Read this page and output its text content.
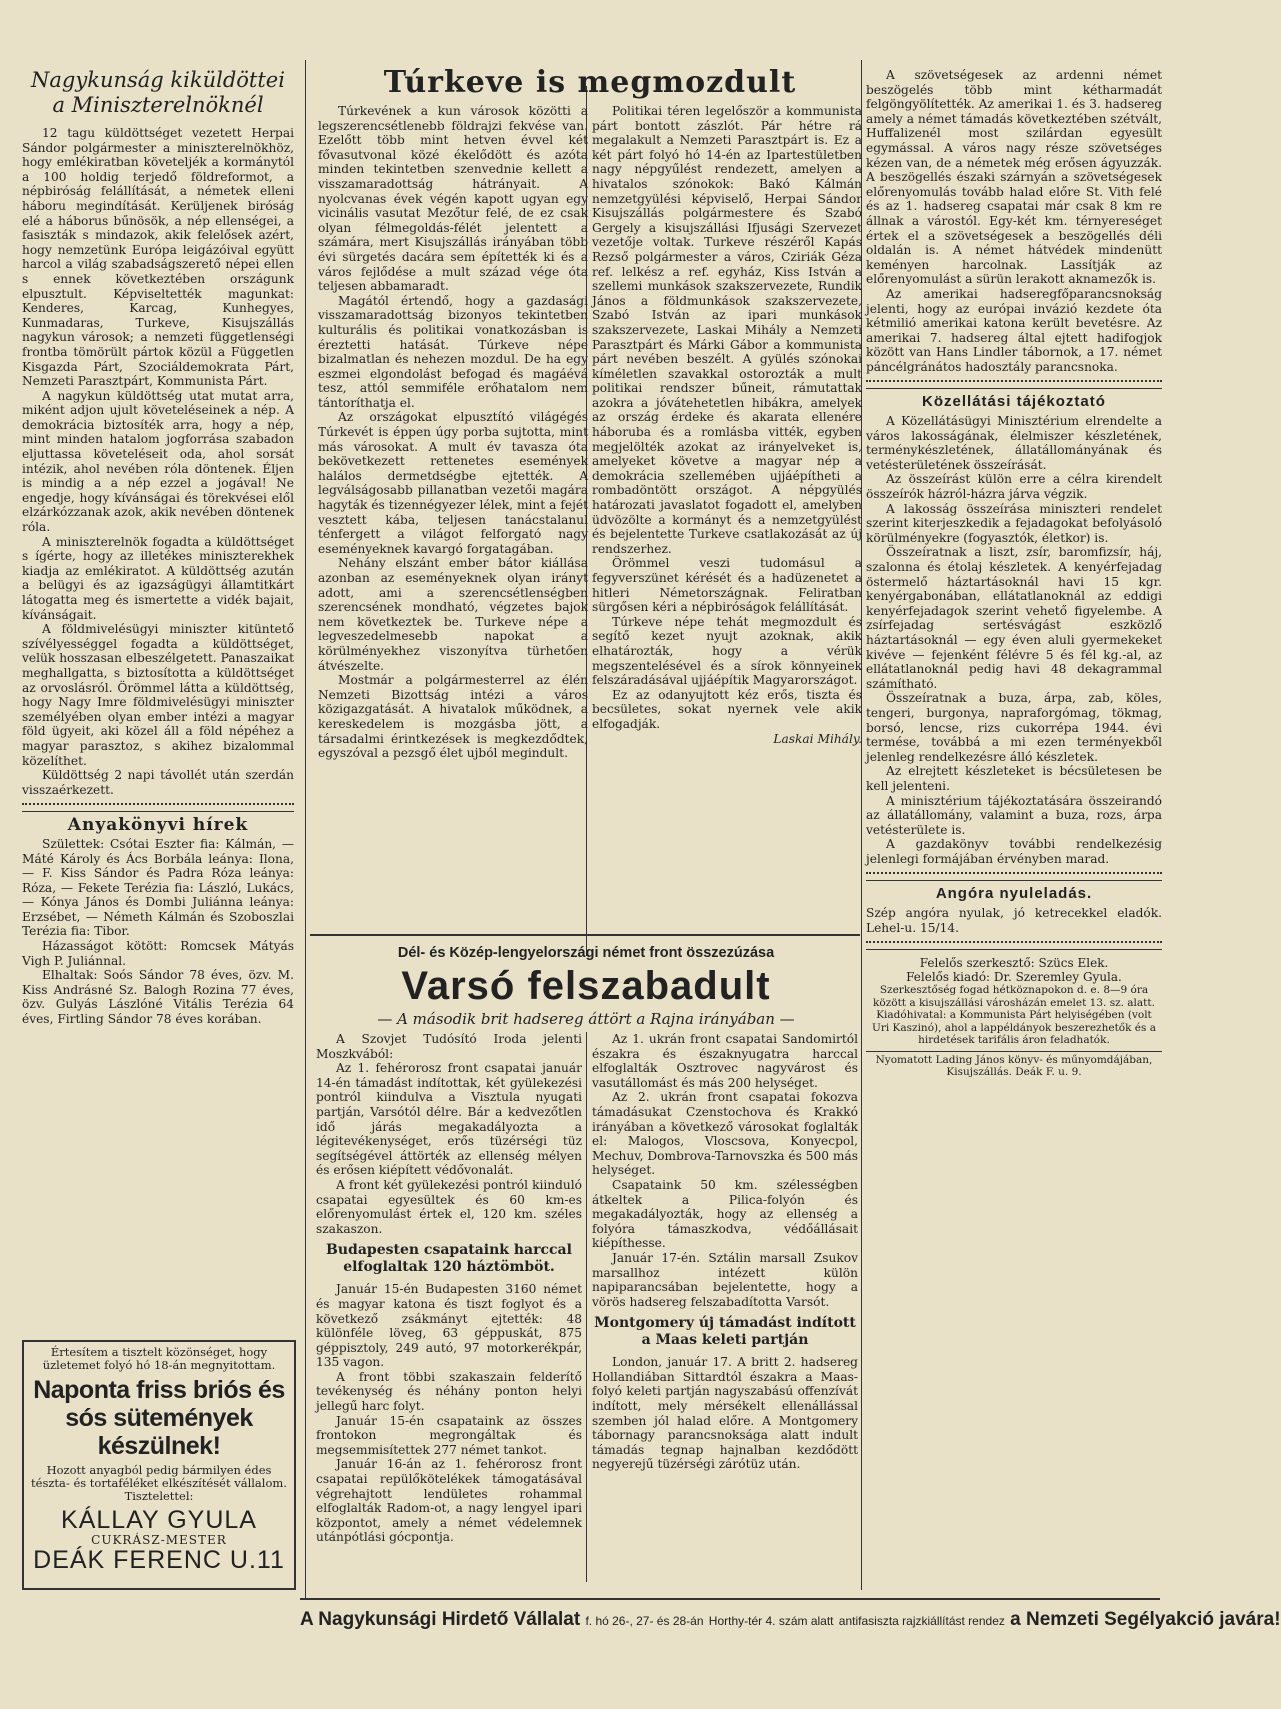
Nagykunság kiküldöttei a Miniszterelnöknél

12 tagu küldöttséget vezetett Herpai Sándor polgármester a miniszterelnökhöz, hogy emlékiratban követeljék a kormánytól a 100 holdig terjedő földreformot, a népbiróság felállítását, a németek elleni háboru megindítását. Kerüljenek biróság elé a háborus bűnösök, a nép ellenségei, a fasiszták s mindazok, akik felelősek azért, hogy nemzetünk Európa leigázóival együtt harcol a világ szabadságszerető népei ellen s ennek következtében országunk elpusztult. Képviseltették magunkat: Kenderes, Karcag, Kunhegyes, Kunmadaras, Turkeve, Kisujszállás nagykun városok; a nemzeti függetlenségi frontba tömörült pártok közül a Független Kisgazda Párt, Szociáldemokrata Párt, Nemzeti Parasztpárt, Kommunista Párt.

A nagykun küldöttség utat mutat arra, miként adjon ujult követeléseinek a nép. A demokrácia biztosíték arra, hogy a nép, mint minden hatalom jogforrása szabadon eljuttassa követeléseit oda, ahol sorsát intézik, ahol nevében róla döntenek. Éljen is mindig a a nép ezzel a jogával! Ne engedje, hogy kívánságai és törekvései elől elzárkózzanak azok, akik nevében döntenek róla.

A miniszterelnök fogadta a küldöttséget s ígérte, hogy az illetékes miniszterekhek kiadja az emlékiratot. A küldöttség azután a belügyi és az igazságügyi államtitkárt látogatta meg és ismertette a vidék bajait, kívánságait.

A földmivelésügyi miniszter kitüntető szívélyességgel fogadta a küldöttséget, velük hosszasan elbeszélgetett. Panaszaikat meghallgatta, s biztosította a küldöttséget az orvoslásról. Örömmel látta a küldöttség, hogy Nagy Imre földmivelésügyi miniszter személyében olyan ember intézi a magyar föld ügyeit, aki közel áll a föld népéhez a magyar parasztoz, s akihez bizalommal közelíthet.

Küldöttség 2 napi távollét után szerdán visszaérkezett.

Anyakönyvi hírek

Születtek: Csótai Eszter fia: Kálmán, — Máté Károly és Ács Borbála leánya: Ilona, — F. Kiss Sándor és Padra Róza leánya: Róza, — Fekete Terézia fia: László, Lukács, — Kónya János és Dombi Juliánna leánya: Erzsébet, — Németh Kálmán és Szoboszlai Terézia fia: Tibor.

Házasságot kötött: Romcsek Mátyás Vigh P. Juliánnal.

Elhaltak: Soós Sándor 78 éves, özv. M. Kiss Andrásné Sz. Balogh Rozina 77 éves, özv. Gulyás Lászlóné Vitális Terézia 64 éves, Firtling Sándor 78 éves korában.

Értesítem a tisztelt közönséget, hogy üzletemet folyó hó 18-án megnyitottam.
Naponta friss briós és sós sütemények készülnek!
Hozott anyagból pedig bármilyen édes tészta- és tortaféléket elkészítését vállalom.
Tisztelettel:
KÁLLAY GYULA
CUKRÁSZ-MESTER
DEÁK FERENC U.11
Túrkeve is megmozdult

Túrkevének a kun városok közötti a legszerencsétlenebb földrajzi fekvése van. Ezelőtt több mint hetven évvel két fővasutvonal közé ékelődött és azóta minden tekintetben szenvednie kellett a visszamaradottság hátrányait. A nyolcvanas évek végén kapott ugyan egy vicinális vasutat Mezőtur felé, de ez csak olyan félmegoldás-félét jelentett a számára, mert Kisujszállás irányában több évi sürgetés dacára sem építették ki és a város fejlődése a mult század vége óta teljesen abbamaradt.

Magától értendő, hogy a gazdasági visszamaradottság bizonyos tekintetben kulturális és politikai vonatkozásban is éreztetti hatását. Túrkeve népe bizalmatlan és nehezen mozdul. De ha egy eszmei elgondolást befogad és magáévá tesz, attól semmiféle erőhatalom nem tántoríthatja el.

Az országokat elpusztító világégés Túrkevét is éppen úgy porba sujtotta, mint más városokat. A mult év tavasza óta bekövetkezett rettenetes események halálos dermetdségbe ejtették. A legválságosabb pillanatban vezetői magára hagyták és tizennégyezer lélek, mint a fejét vesztett kába, teljesen tanácstalanul ténfergett a világot felforgató nagy eseményeknek kavargó forgatagában.

Nehány elszánt ember bátor kiállása azonban az eseményeknek olyan irányt adott, ami a szerencsétlenségben szerencsének mondható, végzetes bajok nem következtek be. Turkeve népe a legveszedelmesebb napokat a körülményekhez viszonyítva türhetően átvészelte.

Mostmár a polgármesterrel az élén Nemzeti Bizottság intézi a város közigazgatását. A hivatalok működnek, a kereskedelem is mozgásba jött, a társadalmi érintkezések is megkezdődtek, egyszóval a pezsgő élet ujból megindult.

Politikai téren legelőször a kommunista párt bontott zászlót. Pár hétre rá megalakult a Nemzeti Parasztpárt is. Ez a két párt folyó hó 14-én az Ipartestületben nagy népgyűlést rendezett, amelyen a hivatalos szónokok: Bakó Kálmán nemzetgyülési képviselő, Herpai Sándor Kisujszállás polgármestere és Szabó Gergely a kisujszállási Ifjusági Szervezet vezetője voltak. Turkeve részéről Kapás Rezső polgármester a város, Cziriák Géza ref. lelkész a ref. egyház, Kiss István a szellemi munkások szakszervezete, Rundik János a földmunkások szakszervezete, Szabó István az ipari munkások szakszervezete, Laskai Mihály a Nemzeti Parasztpárt és Márki Gábor a kommunista párt nevében beszélt. A gyülés szónokai kíméletlen szavakkal ostorozták a mult politikai rendszer bűneit, rámutattak azokra a jóvátehetetlen hibákra, amelyek az ország érdeke és akarata ellenére háboruba és a romlásba vitték, egyben megjelölték azokat az irányelveket is, amelyeket követve a magyar nép a demokrácia szellemében ujjáépítheti a rombadöntött országot. A népgyülés határozati javaslatot fogadott el, amelyben üdvözölte a kormányt és a nemzetgyülést és bejelentette Turkeve csatlakozását az új rendszerhez.

Örömmel veszi tudomásul a fegyverszünet kérését és a hadüzenetet a hitleri Németországnak. Feliratban sürgősen kéri a népbiróságok felállítását.

Túrkeve népe tehát megmozdult és segítő kezet nyujt azoknak, akik elhatározták, hogy a vérük megszentelésével és a sírok könnyeinek felszáradásával ujjáépítik Magyarországot.

Ez az odanyujtott kéz erős, tiszta és becsületes, sokat nyernek vele akik elfogadják.

Laskai Mihály.
Dél- és Közép-lengyelországi német front összezúzása
Varsó felszabadult
— A második brit hadsereg áttört a Rajna irányában —

A Szovjet Tudósító Iroda jelenti Moszkvából:

Az 1. fehérorosz front csapatai január 14-én támadást indítottak, két gyülekezési pontról kiindulva a Visztula nyugati partján, Varsótól délre. Bár a kedvezőtlen idő járás megakadályozta a légitevékenységet, erős tüzérségi tüz segítségével áttörték az ellenség mélyen és erősen kiépített védővonalát.

A front két gyülekezési pontról kiinduló csapatai egyesültek és 60 km-es előrenyomulást értek el, 120 km. széles szakaszon.

Budapesten csapataink harccal elfoglaltak 120 háztömböt.

Január 15-én Budapesten 3160 német és magyar katona és tiszt foglyot és a következő zsákmányt ejtették: 48 különféle löveg, 63 géppuskát, 875 géppisztoly, 249 autó, 97 motorkerékpár, 135 vagon.

A front többi szakaszain felderítő tevékenység és néhány ponton helyi jellegű harc folyt.

Január 15-én csapataink az összes frontokon megrongáltak és megsemmisítettek 277 német tankot.

Január 16-án az 1. fehérorosz front csapatai repülőkötelékek támogatásával végrehajtott lendületes rohammal elfoglalták Radom-ot, a nagy lengyel ipari központot, amely a német védelemnek utánpótlási gócpontja.

Az 1. ukrán front csapatai Sandomirtól északra és északnyugatra harccal elfoglalták Osztrovec nagyvárost és vasutállomást és más 200 helységet.

Az 2. ukrán front csapatai fokozva támadásukat Czenstochova és Krakkó irányában a következő városokat foglalták el: Malogos, Vloscsova, Konyecpol, Mechuv, Dombrova-Tarnovszka és 500 más helységet.

Csapataink 50 km. szélességben átkeltek a Pilica-folyón és megakadályozták, hogy az ellenség a folyóra támaszkodva, védőállásait kiépíthesse.

Január 17-én. Sztálin marsall Zsukov marsallhoz intézett külön napiparancsában bejelentette, hogy a vörös hadsereg felszabadította Varsót.

Montgomery új támadást indított a Maas keleti partján

London, január 17. A britt 2. hadsereg Hollandiában Sittardtól északra a Maas-folyó keleti partján nagyszabású offenzívát indított, mely mérsékelt ellenállással szemben jól halad előre. A Montgomery tábornagy parancsnoksága alatt indult támadás tegnap hajnalban kezdődött negyerejű tüzérségi zárótüz után.

A szövetségesek az ardenni német beszögelés több mint kétharmadát felgöngyölítették. Az amerikai 1. és 3. hadsereg amely a német támadás következtében szétvált, Huffalizenél most szilárdan egyesült egymással. A város nagy része szövetséges kézen van, de a németek még erősen ágyuzzák. A beszögellés északi szárnyán a szövetségesek előrenyomulás tovább halad előre St. Vith felé és az 1. hadsereg csapatai már csak 8 km re állnak a várostól. Egy-két km. térnyereséget értek el a szövetségesek a beszögellés déli oldalán is. A német hátvédek mindenütt keményen harcolnak. Lassítják az előrenyomulást a sürün lerakott aknamezők is.

Az amerikai hadseregfőparancsnokság jelenti, hogy az európai invázió kezdete óta kétmilió amerikai katona került bevetésre. Az amerikai 7. hadsereg által ejtett hadifogjok között van Hans Lindler tábornok, a 17. német páncélgránátos hadosztály parancsnoka.

Közellátási tájékoztató

A Közellátásügyi Minisztérium elrendelte a város lakosságának, élelmiszer készletének, terménykészletének, állatállományának és vetésterületének összeírását.

Az összeírást külön erre a célra kirendelt összeírók házról-házra járva végzik.

A lakosság összeírása miniszteri rendelet szerint kiterjeszkedik a fejadagokat befolyásoló körülményekre (fogyasztók, életkor) is.

Összeíratnak a liszt, zsír, baromfizsír, háj, szalonna és étolaj készletek. A kenyérfejadag östermelő háztartásoknál havi 15 kgr. kenyérgabonában, ellátatlanoknál az eddigi kenyérfejadagok szerint vehető figyelembe. A zsírfejadag sertésvágást eszközlő háztartásoknál — egy éven aluli gyermekeket kivéve — fejenként félévre 5 és fél kg.-al, az ellátatlanoknál pedig havi 48 dekagrammal számítható.

Összeíratnak a buza, árpa, zab, köles, tengeri, burgonya, napraforgómag, tökmag, borsó, lencse, rizs cukorrépa 1944. évi termése, továbbá a mi ezen terményekből jelenleg rendelkezésre álló készletek.

Az elrejtett készleteket is bécsületesen be kell jelenteni.

A minisztérium tájékoztatására összeirandó az állatállomány, valamint a buza, rozs, árpa vetésterülete is.

A gazdakönyv további rendelkezésig jelenlegi formájában érvényben marad.

Angóra nyuleladás.

Szép angóra nyulak, jó ketrecekkel eladók. Lehel-u. 15/14.

Felelős szerkesztő: Szücs Elek.
Felelős kiadó: Dr. Szeremley Gyula.
Szerkesztőség fogad hétköznapokon d. e. 8—9 óra között a kisujszállási városházán emelet 13. sz. alatt.
Kiadóhivatal: a Kommunista Párt helyiségében (volt Uri Kaszinó), ahol a lappéldányok beszerezhetők és a hirdetések tarifális áron feladhatók.
Nyomatott Lading János könyv- és műnyomdájában, Kisujszállás. Deák F. u. 9.
A Nagykunsági Hirdető Vállalat f. hó 26-, 27- és 28-án Horthy-tér 4. szám alatt antifasiszta rajzkiállítást rendez a Nemzeti Segélyakció javára!
